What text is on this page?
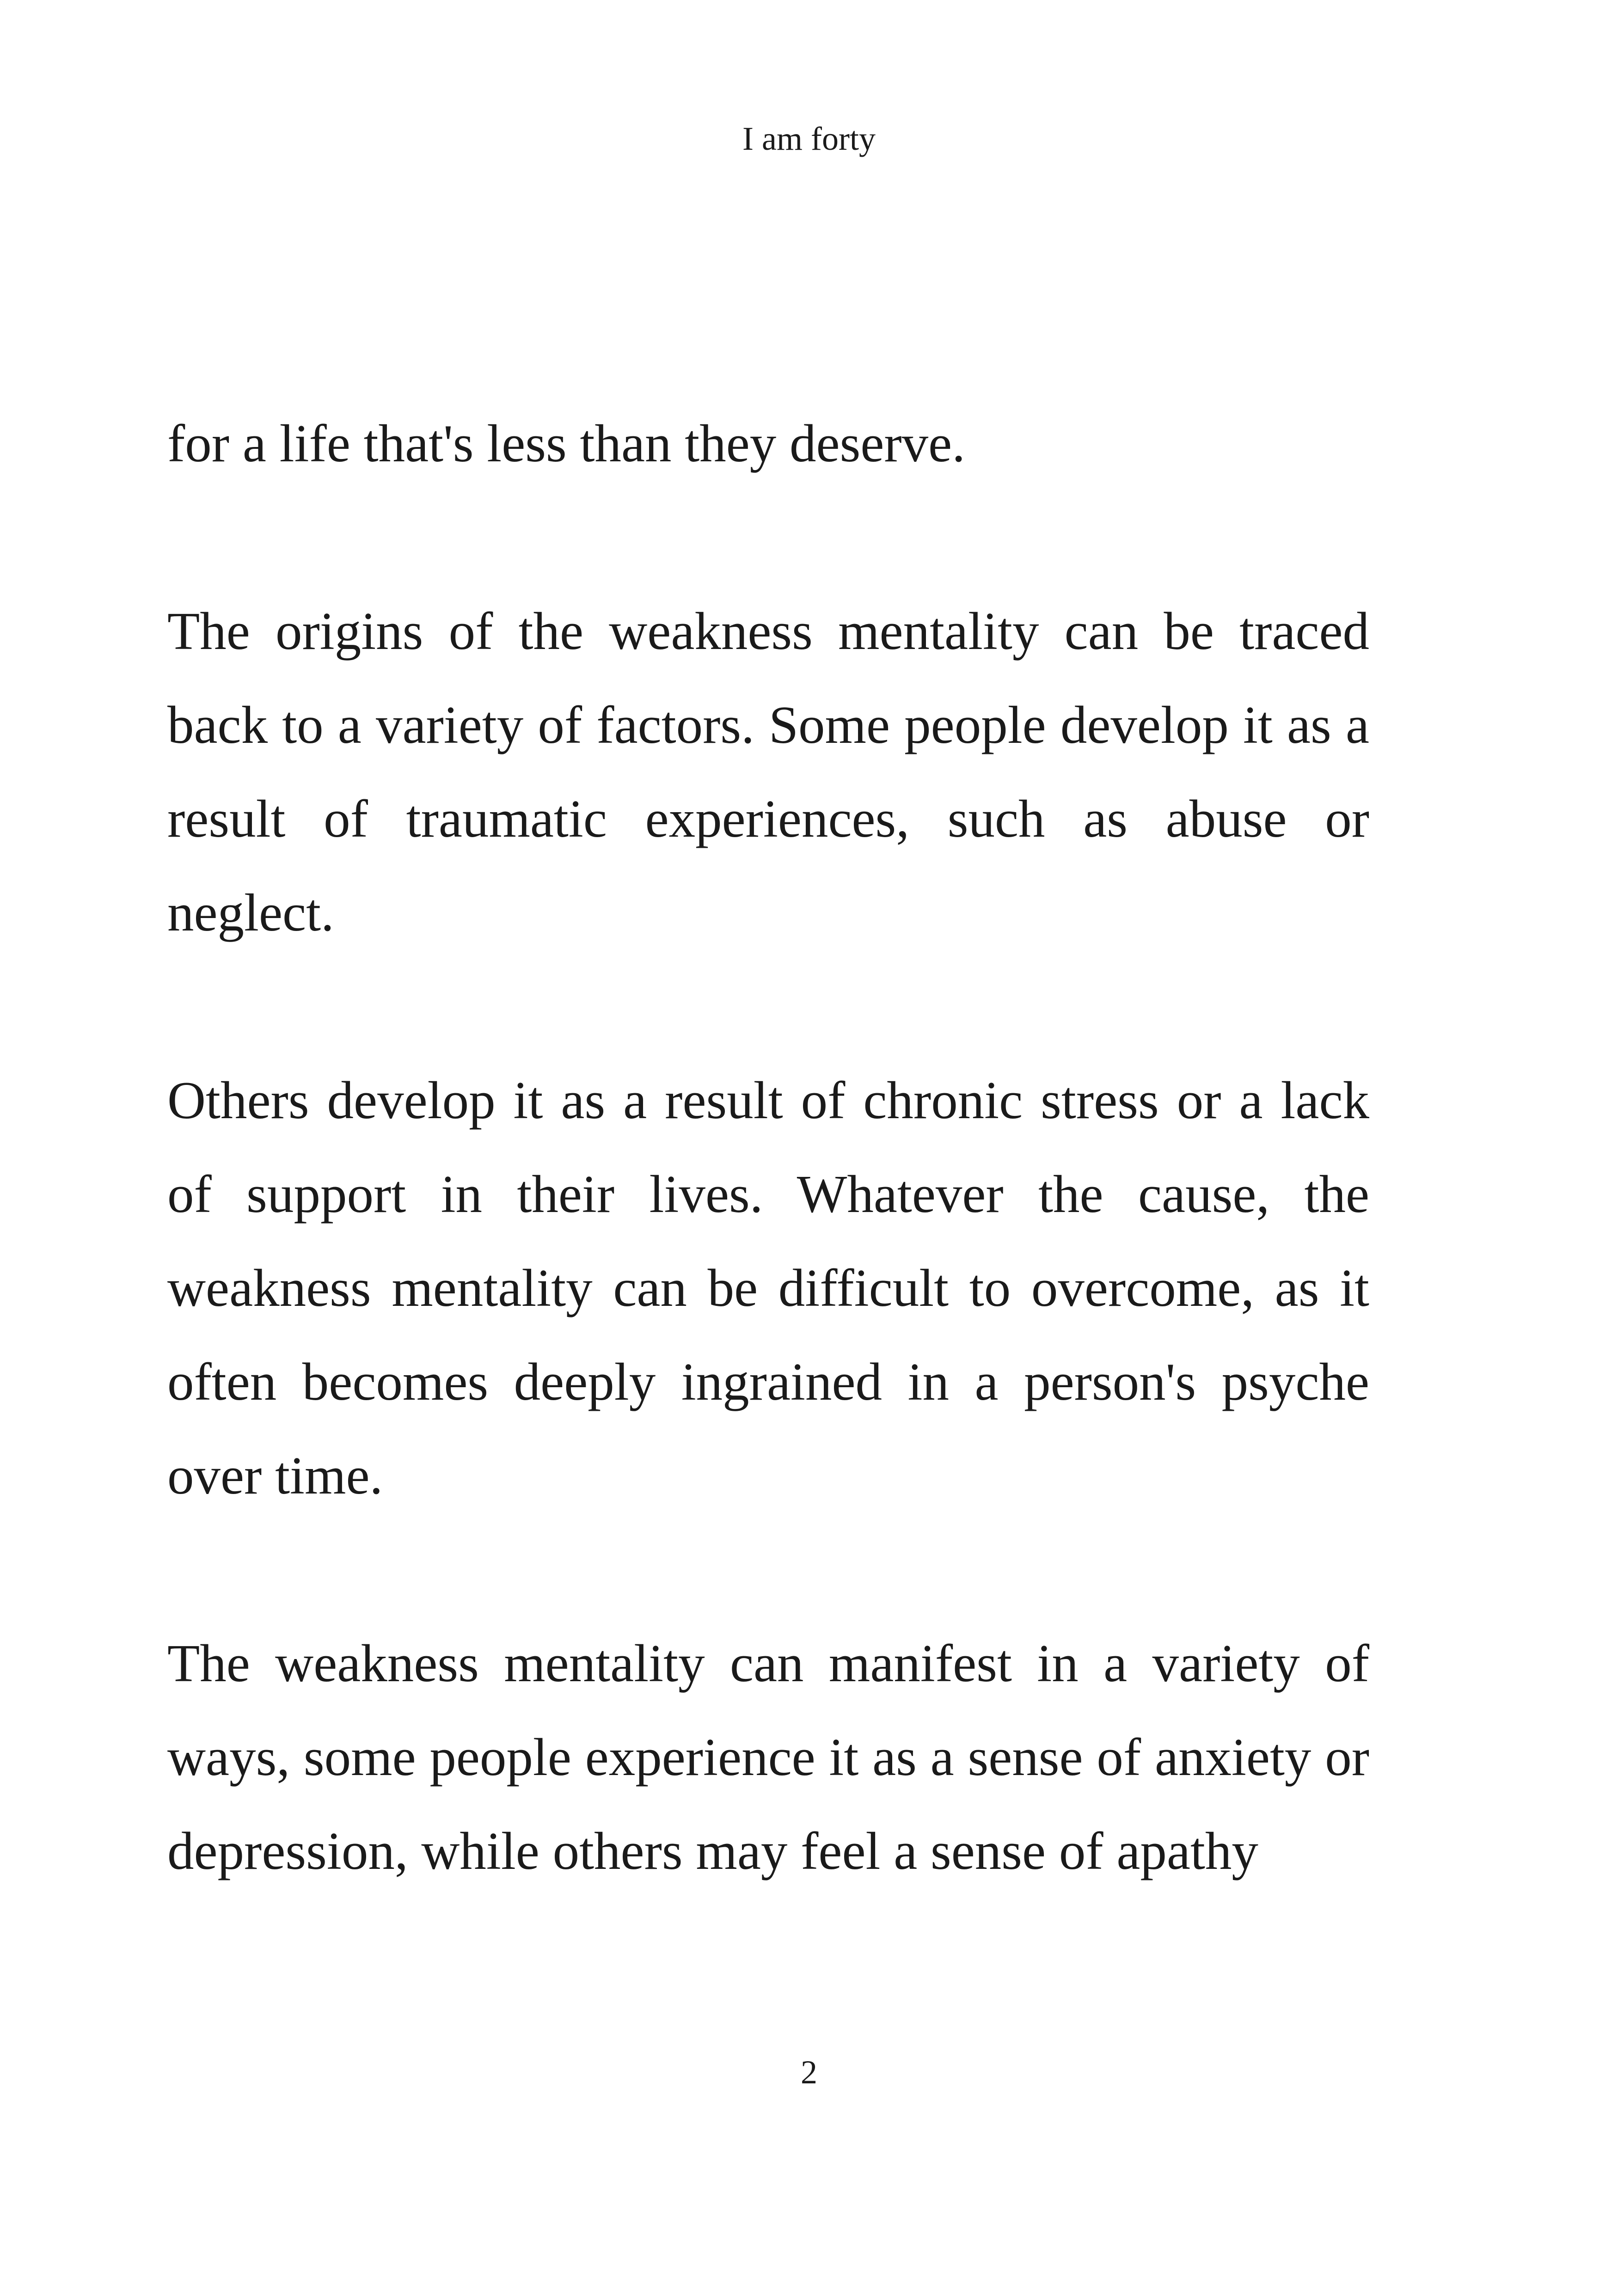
I am forty

for a life that's less than they deserve.

The origins of the weakness mentality can be traced back to a variety of factors. Some people develop it as a result of traumatic experiences, such as abuse or neglect.

Others develop it as a result of chronic stress or a lack of support in their lives. Whatever the cause, the weakness mentality can be difficult to overcome, as it often becomes deeply ingrained in a person's psyche over time.

The weakness mentality can manifest in a variety of ways, some people experience it as a sense of anxiety or depression, while others may feel a sense of apathy

2
